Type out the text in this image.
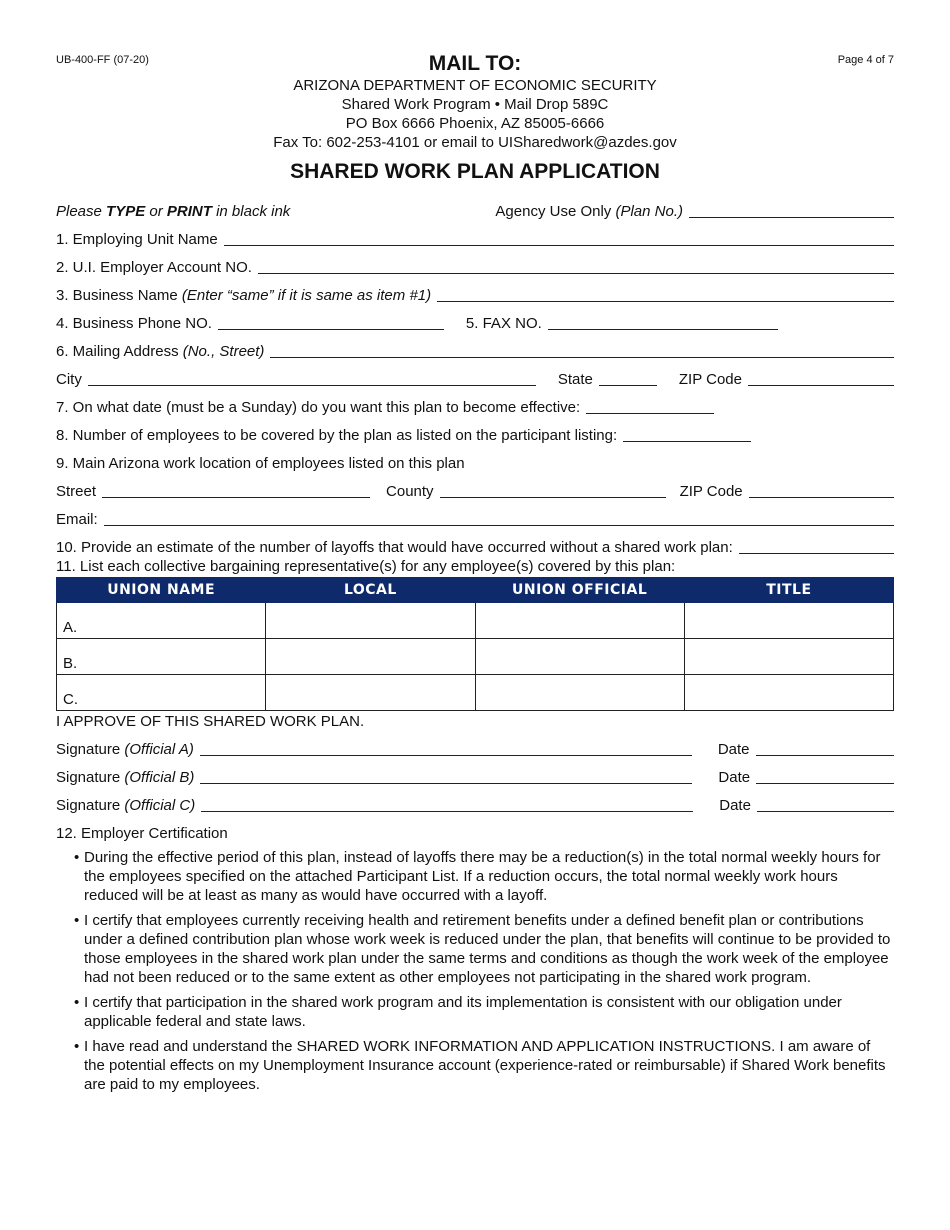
UB-400-FF (07-20)	Page 4 of 7
MAIL TO:
ARIZONA DEPARTMENT OF ECONOMIC SECURITY
Shared Work Program • Mail Drop 589C
PO Box 6666 Phoenix, AZ 85005-6666
Fax To: 602-253-4101 or email to UISharedwork@azdes.gov
SHARED WORK PLAN APPLICATION
Please TYPE or PRINT in black ink	Agency Use Only (Plan No.)
1. Employing Unit Name
2. U.I. Employer Account NO.
3. Business Name (Enter “same” if it is same as item #1)
4. Business Phone NO.	5. FAX NO.
6. Mailing Address (No., Street)
City	State	ZIP Code
7. On what date (must be a Sunday) do you want this plan to become effective:
8. Number of employees to be covered by the plan as listed on the participant listing:
9. Main Arizona work location of employees listed on this plan
Street	County	ZIP Code
Email:
10. Provide an estimate of the number of layoffs that would have occurred without a shared work plan:
11. List each collective bargaining representative(s) for any employee(s) covered by this plan:
UNION NAME	LOCAL	UNION OFFICIAL	TITLE
A.			
B.			
C.			
I APPROVE OF THIS SHARED WORK PLAN.
Signature (Official A)	Date
Signature (Official B)	Date
Signature (Official C)	Date
12. Employer Certification
• During the effective period of this plan, instead of layoffs there may be a reduction(s) in the total normal weekly hours for the employees specified on the attached Participant List. If a reduction occurs, the total normal weekly work hours reduced will be at least as many as would have occurred with a layoff.
• I certify that employees currently receiving health and retirement benefits under a defined benefit plan or contributions under a defined contribution plan whose work week is reduced under the plan, that benefits will continue to be provided to those employees in the shared work plan under the same terms and conditions as though the work week of the employee had not been reduced or to the same extent as other employees not participating in the shared work program.
• I certify that participation in the shared work program and its implementation is consistent with our obligation under applicable federal and state laws.
• I have read and understand the SHARED WORK INFORMATION AND APPLICATION INSTRUCTIONS. I am aware of the potential effects on my Unemployment Insurance account (experience-rated or reimbursable) if Shared Work benefits are paid to my employees.
